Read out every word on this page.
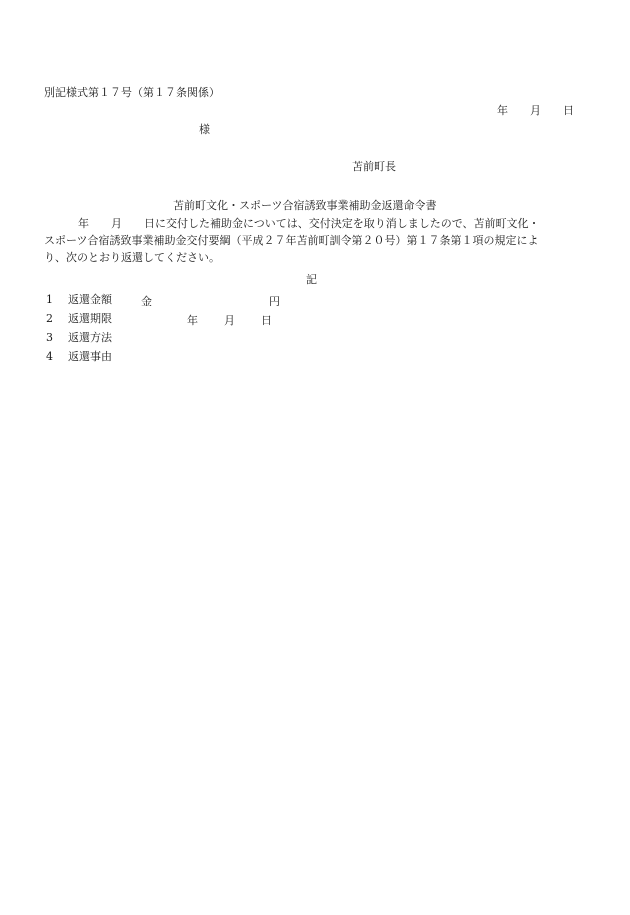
別記様式第１７号（第１７条関係）
年 月 日
様
苫前町長
苫前町文化・スポーツ合宿誘致事業補助金返還命令書

年　　月　　日に交付した補助金については、交付決定を取り消しましたので、苫前町文化・

スポーツ合宿誘致事業補助金交付要綱（平成２７年苫前町訓令第２０号）第１７条第１項の規定によ

り、次のとおり返還してください。

記
1 返還金額	金	円
2 返還期限	年 月 日
3 返還方法
4 返還事由
